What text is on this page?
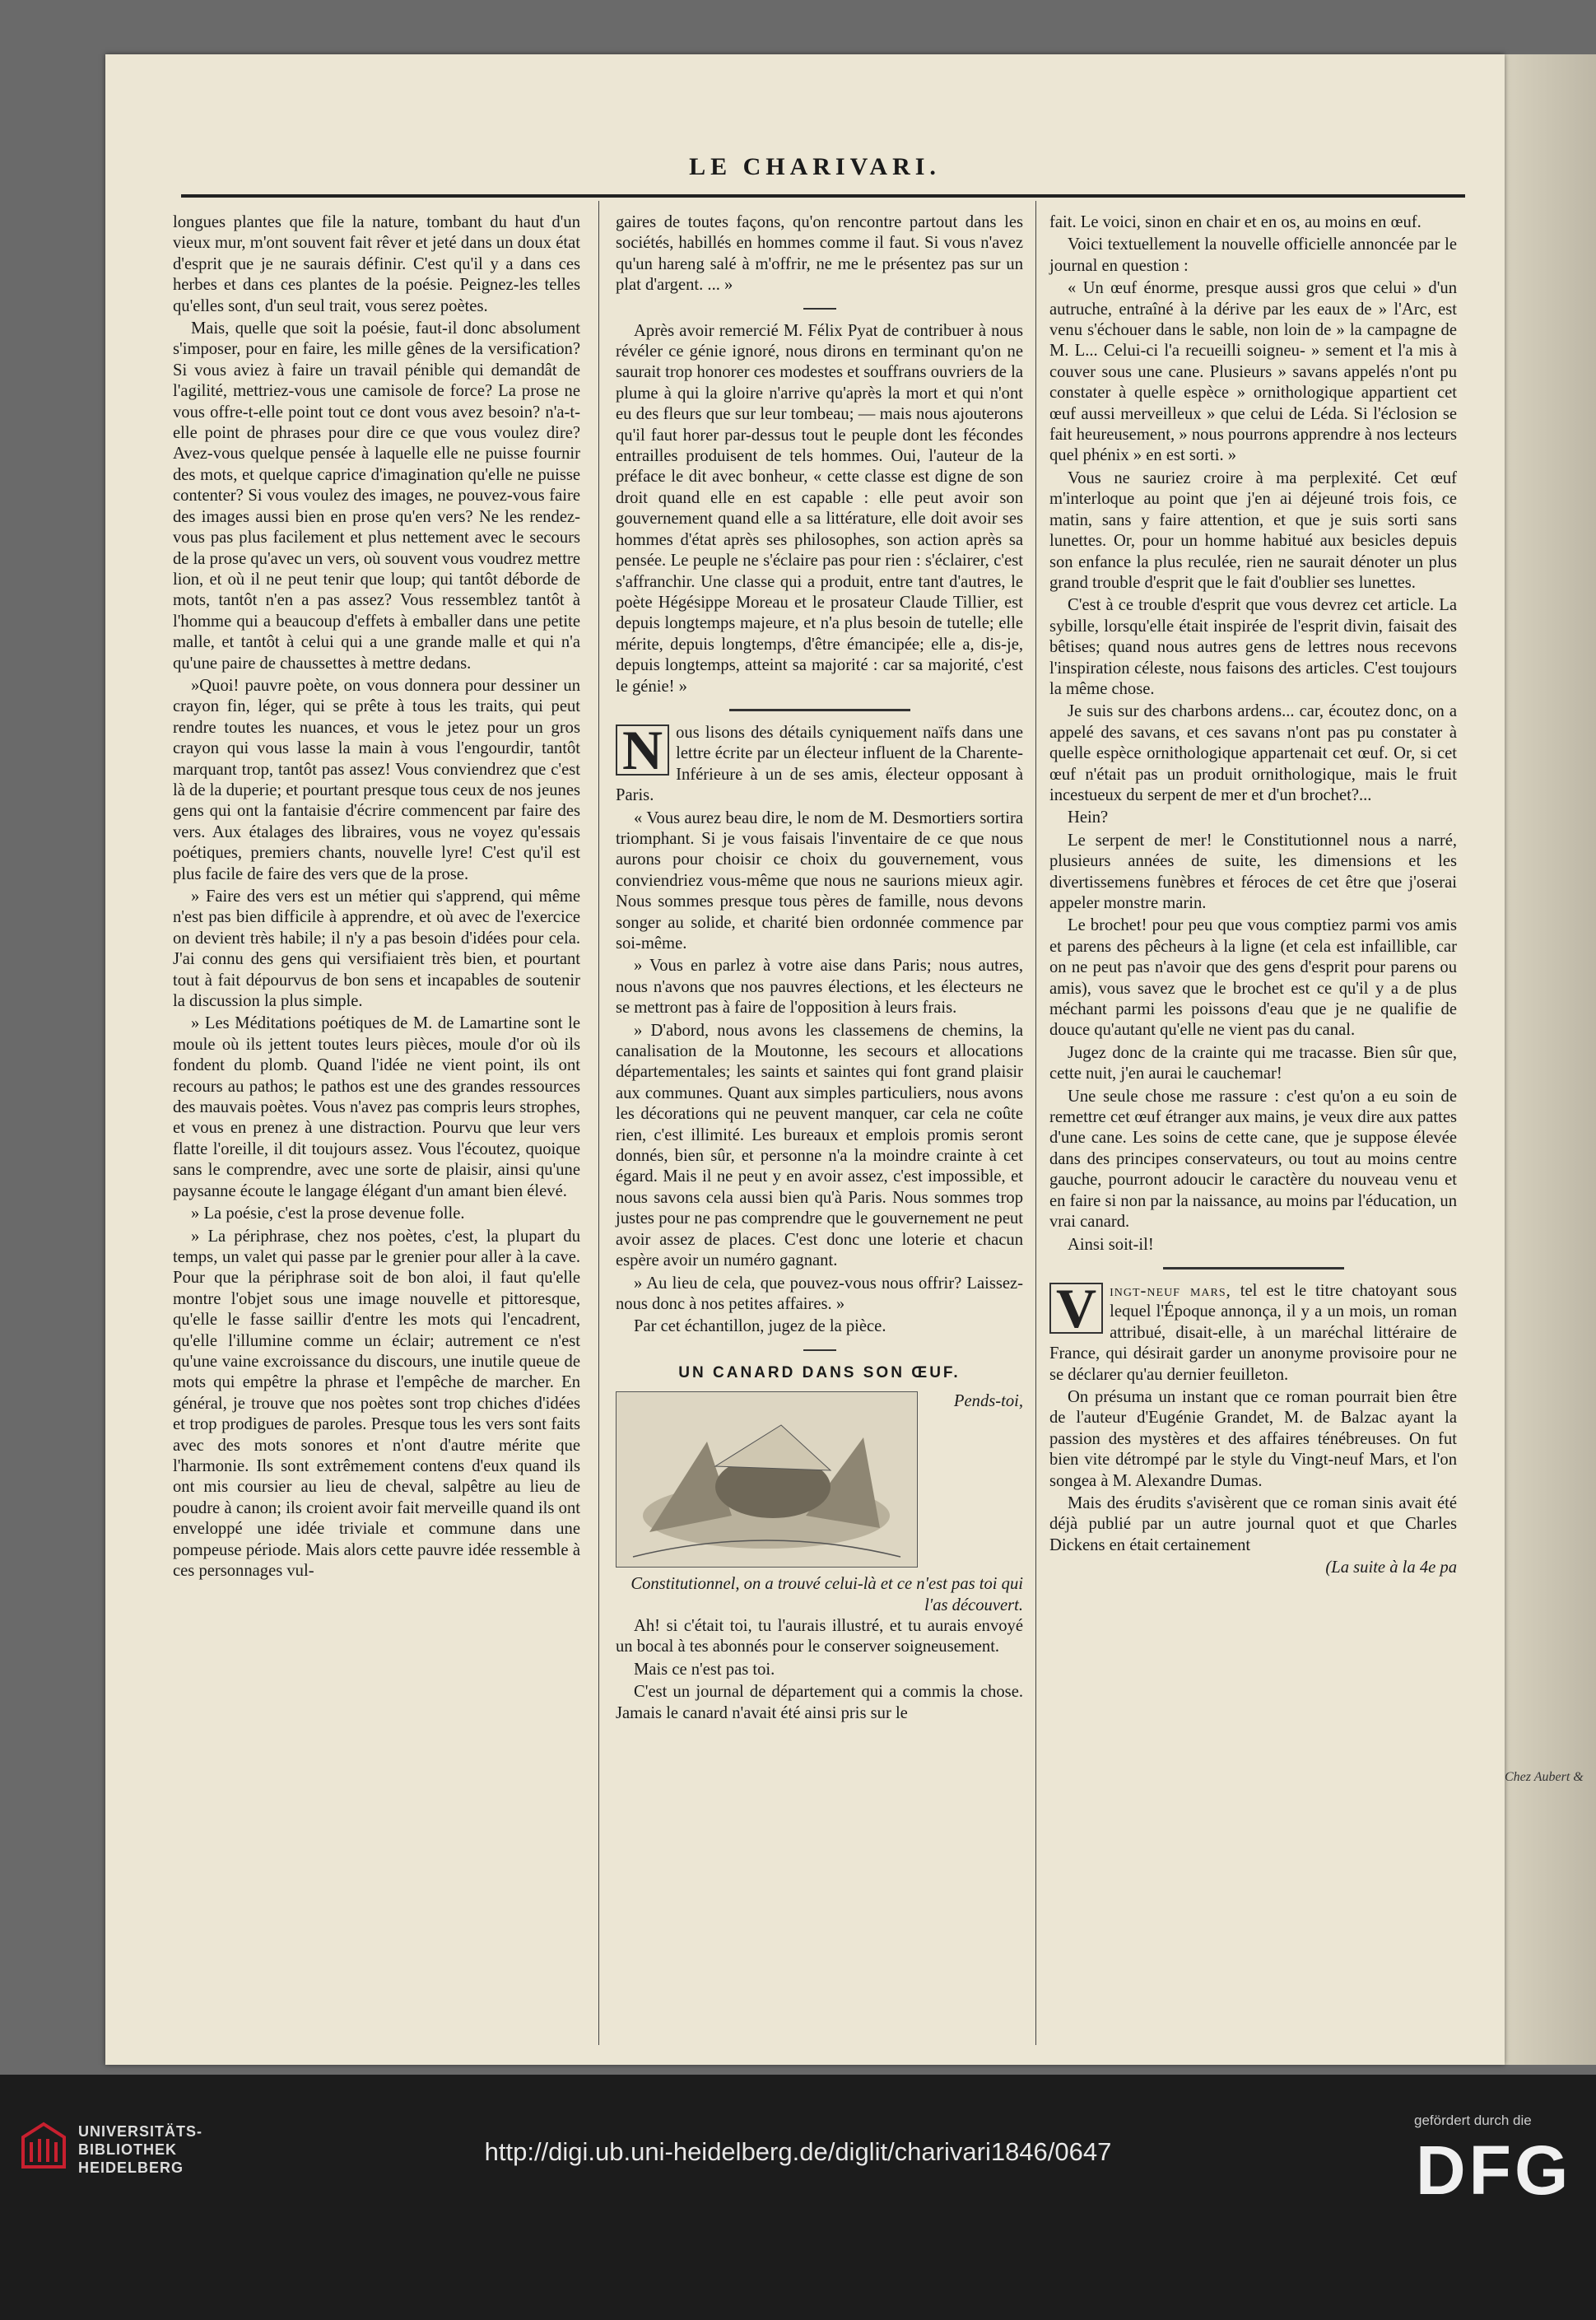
Chez Aubert &
LE CHARIVARI.

longues plantes que file la nature, tombant du haut d'un vieux mur, m'ont souvent fait rêver et jeté dans un doux état d'esprit que je ne saurais définir. C'est qu'il y a dans ces herbes et dans ces plantes de la poésie. Peignez-les telles qu'elles sont, d'un seul trait, vous serez poètes.

Mais, quelle que soit la poésie, faut-il donc absolument s'imposer, pour en faire, les mille gênes de la versification? Si vous aviez à faire un travail pénible qui demandât de l'agilité, mettriez-vous une camisole de force? La prose ne vous offre-t-elle point tout ce dont vous avez besoin? n'a-t-elle point de phrases pour dire ce que vous voulez dire? Avez-vous quelque pensée à laquelle elle ne puisse fournir des mots, et quelque caprice d'imagination qu'elle ne puisse contenter? Si vous voulez des images, ne pouvez-vous faire des images aussi bien en prose qu'en vers? Ne les rendez-vous pas plus facilement et plus nettement avec le secours de la prose qu'avec un vers, où souvent vous voudrez mettre lion, et où il ne peut tenir que loup; qui tantôt déborde de mots, tantôt n'en a pas assez? Vous ressemblez tantôt à l'homme qui a beaucoup d'effets à emballer dans une petite malle, et tantôt à celui qui a une grande malle et qui n'a qu'une paire de chaussettes à mettre dedans.

»Quoi! pauvre poète, on vous donnera pour dessiner un crayon fin, léger, qui se prête à tous les traits, qui peut rendre toutes les nuances, et vous le jetez pour un gros crayon qui vous lasse la main à vous l'engourdir, tantôt marquant trop, tantôt pas assez! Vous conviendrez que c'est là de la duperie; et pourtant presque tous ceux de nos jeunes gens qui ont la fantaisie d'écrire commencent par faire des vers. Aux étalages des libraires, vous ne voyez qu'essais poétiques, premiers chants, nouvelle lyre! C'est qu'il est plus facile de faire des vers que de la prose.

» Faire des vers est un métier qui s'apprend, qui même n'est pas bien difficile à apprendre, et où avec de l'exercice on devient très habile; il n'y a pas besoin d'idées pour cela. J'ai connu des gens qui versifiaient très bien, et pourtant tout à fait dépourvus de bon sens et incapables de soutenir la discussion la plus simple.

» Les Méditations poétiques de M. de Lamartine sont le moule où ils jettent toutes leurs pièces, moule d'or où ils fondent du plomb. Quand l'idée ne vient point, ils ont recours au pathos; le pathos est une des grandes ressources des mauvais poètes. Vous n'avez pas compris leurs strophes, et vous en prenez à une distraction. Pourvu que leur vers flatte l'oreille, il dit toujours assez. Vous l'écoutez, quoique sans le comprendre, avec une sorte de plaisir, ainsi qu'une paysanne écoute le langage élégant d'un amant bien élevé.

» La poésie, c'est la prose devenue folle.

» La périphrase, chez nos poètes, c'est, la plupart du temps, un valet qui passe par le grenier pour aller à la cave. Pour que la périphrase soit de bon aloi, il faut qu'elle montre l'objet sous une image nouvelle et pittoresque, qu'elle le fasse saillir d'entre les mots qui l'encadrent, qu'elle l'illumine comme un éclair; autrement ce n'est qu'une vaine excroissance du discours, une inutile queue de mots qui empêtre la phrase et l'empêche de marcher. En général, je trouve que nos poètes sont trop chiches d'idées et trop prodigues de paroles. Presque tous les vers sont faits avec des mots sonores et n'ont d'autre mérite que l'harmonie. Ils sont extrêmement contens d'eux quand ils ont mis coursier au lieu de cheval, salpêtre au lieu de poudre à canon; ils croient avoir fait merveille quand ils ont enveloppé une idée triviale et commune dans une pompeuse période. Mais alors cette pauvre idée ressemble à ces personnages vul-

gaires de toutes façons, qu'on rencontre partout dans les sociétés, habillés en hommes comme il faut. Si vous n'avez qu'un hareng salé à m'offrir, ne me le présentez pas sur un plat d'argent. ... »

Après avoir remercié M. Félix Pyat de contribuer à nous révéler ce génie ignoré, nous dirons en terminant qu'on ne saurait trop honorer ces modestes et souffrans ouvriers de la plume à qui la gloire n'arrive qu'après la mort et qui n'ont eu des fleurs que sur leur tombeau; — mais nous ajouterons qu'il faut horer par-dessus tout le peuple dont les fécondes entrailles produisent de tels hommes. Oui, l'auteur de la préface le dit avec bonheur, « cette classe est digne de son droit quand elle en est capable : elle peut avoir son gouvernement quand elle a sa littérature, elle doit avoir ses hommes d'état après ses philosophes, son action après sa pensée. Le peuple ne s'éclaire pas pour rien : s'éclairer, c'est s'affranchir. Une classe qui a produit, entre tant d'autres, le poète Hégésippe Moreau et le prosateur Claude Tillier, est depuis longtemps majeure, et n'a plus besoin de tutelle; elle mérite, depuis longtemps, d'être émancipée; elle a, dis-je, depuis longtemps, atteint sa majorité : car sa majorité, c'est le génie! »

N ous lisons des détails cyniquement naïfs dans une lettre écrite par un électeur influent de la Charente-Inférieure à un de ses amis, électeur opposant à Paris.

« Vous aurez beau dire, le nom de M. Desmortiers sortira triomphant. Si je vous faisais l'inventaire de ce que nous aurons pour choisir ce choix du gouvernement, vous conviendriez vous-même que nous ne saurions mieux agir. Nous sommes presque tous pères de famille, nous devons songer au solide, et charité bien ordonnée commence par soi-même.

» Vous en parlez à votre aise dans Paris; nous autres, nous n'avons que nos pauvres élections, et les électeurs ne se mettront pas à faire de l'opposition à leurs frais.

» D'abord, nous avons les classemens de chemins, la canalisation de la Moutonne, les secours et allocations départementales; les saints et saintes qui font grand plaisir aux communes. Quant aux simples particuliers, nous avons les décorations qui ne peuvent manquer, car cela ne coûte rien, c'est illimité. Les bureaux et emplois promis seront donnés, bien sûr, et personne n'a la moindre crainte à cet égard. Mais il ne peut y en avoir assez, c'est impossible, et nous savons cela aussi bien qu'à Paris. Nous sommes trop justes pour ne pas comprendre que le gouvernement ne peut avoir assez de places. C'est donc une loterie et chacun espère avoir un numéro gagnant.

» Au lieu de cela, que pouvez-vous nous offrir? Laissez-nous donc à nos petites affaires. »

Par cet échantillon, jugez de la pièce.

UN CANARD DANS SON ŒUF.
Pends-toi, Constitutionnel, on a trouvé celui-là et ce n'est pas toi qui l'as découvert.

Ah! si c'était toi, tu l'aurais illustré, et tu aurais envoyé un bocal à tes abonnés pour le conserver soigneusement.

Mais ce n'est pas toi.

C'est un journal de département qui a commis la chose. Jamais le canard n'avait été ainsi pris sur le

fait. Le voici, sinon en chair et en os, au moins en œuf.

Voici textuellement la nouvelle officielle annoncée par le journal en question :

« Un œuf énorme, presque aussi gros que celui » d'un autruche, entraîné à la dérive par les eaux de » l'Arc, est venu s'échouer dans le sable, non loin de » la campagne de M. L... Celui-ci l'a recueilli soigneu- » sement et l'a mis à couver sous une cane. Plusieurs » savans appelés n'ont pu constater à quelle espèce » ornithologique appartient cet œuf aussi merveilleux » que celui de Léda. Si l'éclosion se fait heureusement, » nous pourrons apprendre à nos lecteurs quel phénix » en est sorti. »

Vous ne sauriez croire à ma perplexité. Cet œuf m'interloque au point que j'en ai déjeuné trois fois, ce matin, sans y faire attention, et que je suis sorti sans lunettes. Or, pour un homme habitué aux besicles depuis son enfance la plus reculée, rien ne saurait dénoter un plus grand trouble d'esprit que le fait d'oublier ses lunettes.

C'est à ce trouble d'esprit que vous devrez cet article. La sybille, lorsqu'elle était inspirée de l'esprit divin, faisait des bêtises; quand nous autres gens de lettres nous recevons l'inspiration céleste, nous faisons des articles. C'est toujours la même chose.

Je suis sur des charbons ardens... car, écoutez donc, on a appelé des savans, et ces savans n'ont pas pu constater à quelle espèce ornithologique appartenait cet œuf. Or, si cet œuf n'était pas un produit ornithologique, mais le fruit incestueux du serpent de mer et d'un brochet?...

Hein?

Le serpent de mer! le Constitutionnel nous a narré, plusieurs années de suite, les dimensions et les divertissemens funèbres et féroces de cet être que j'oserai appeler monstre marin.

Le brochet! pour peu que vous comptiez parmi vos amis et parens des pêcheurs à la ligne (et cela est infaillible, car on ne peut pas n'avoir que des gens d'esprit pour parens ou amis), vous savez que le brochet est ce qu'il y a de plus méchant parmi les poissons d'eau que je ne qualifie de douce qu'autant qu'elle ne vient pas du canal.

Jugez donc de la crainte qui me tracasse. Bien sûr que, cette nuit, j'en aurai le cauchemar!

Une seule chose me rassure : c'est qu'on a eu soin de remettre cet œuf étranger aux mains, je veux dire aux pattes d'une cane. Les soins de cette cane, que je suppose élevée dans des principes conservateurs, ou tout au moins centre gauche, pourront adoucir le caractère du nouveau venu et en faire si non par la naissance, au moins par l'éducation, un vrai canard.

Ainsi soit-il!

V ingt-neuf mars, tel est le titre chatoyant sous lequel l'Époque annonça, il y a un mois, un roman attribué, disait-elle, à un maréchal littéraire de France, qui désirait garder un anonyme provisoire pour ne se déclarer qu'au dernier feuilleton.

On présuma un instant que ce roman pourrait bien être de l'auteur d'Eugénie Grandet, M. de Balzac ayant la passion des mystères et des affaires ténébreuses. On fut bien vite détrompé par le style du Vingt-neuf Mars, et l'on songea à M. Alexandre Dumas.

Mais des érudits s'avisèrent que ce roman sinis avait été déjà publié par un autre journal quot et que Charles Dickens en était certainement

(La suite à la 4e pa

UNIVERSITÄTS-
BIBLIOTHEK
HEIDELBERG
http://digi.ub.uni-heidelberg.de/diglit/charivari1846/0647
gefördert durch die
DFG
